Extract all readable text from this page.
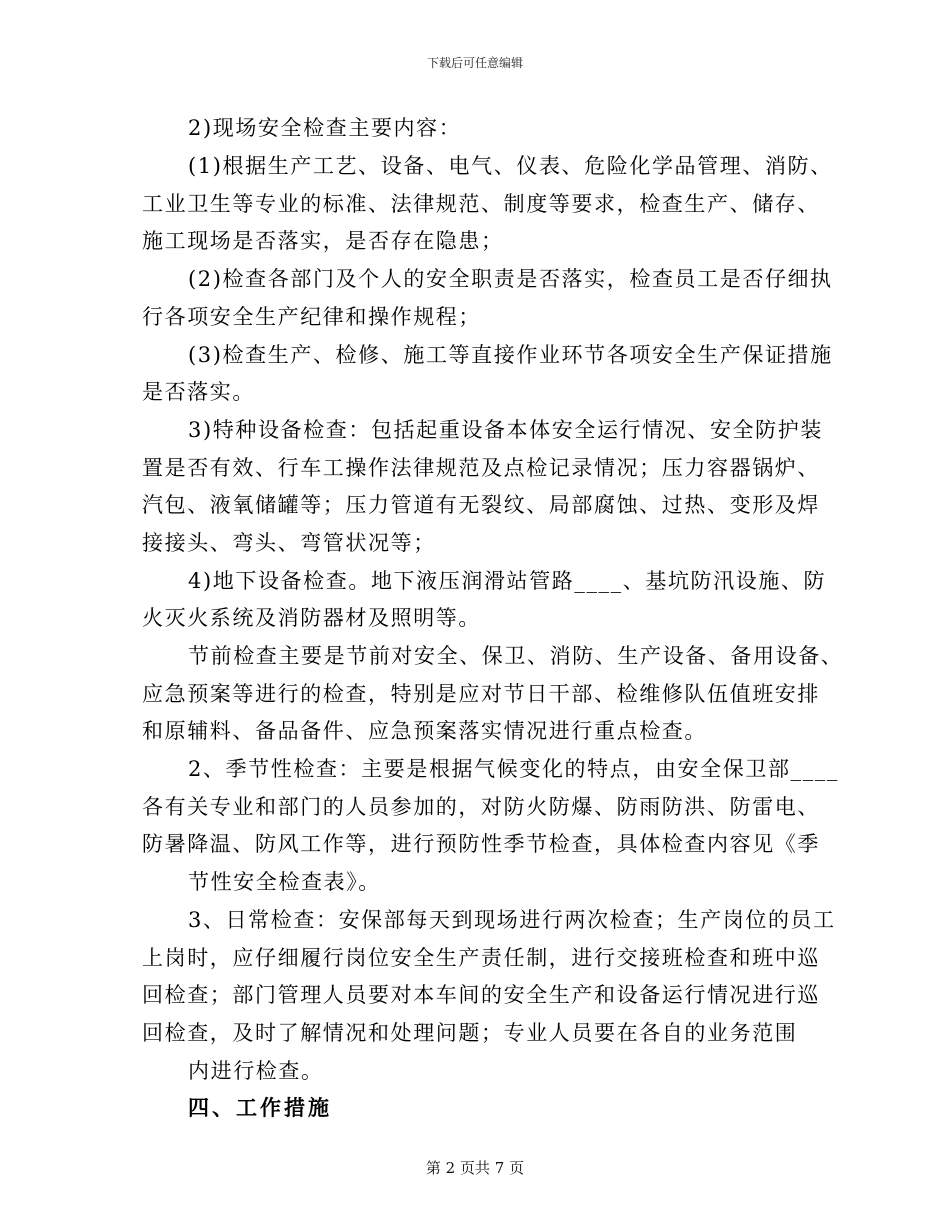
下载后可任意编辑
2)现场安全检查主要内容：
(1)根据生产工艺、设备、电气、仪表、危险化学品管理、消防、
工业卫生等专业的标准、法律规范、制度等要求，检查生产、储存、
施工现场是否落实，是否存在隐患；
(2)检查各部门及个人的安全职责是否落实，检查员工是否仔细执
行各项安全生产纪律和操作规程；
(3)检查生产、检修、施工等直接作业环节各项安全生产保证措施
是否落实。
3)特种设备检查：包括起重设备本体安全运行情况、安全防护装
置是否有效、行车工操作法律规范及点检记录情况；压力容器锅炉、
汽包、液氧储罐等；压力管道有无裂纹、局部腐蚀、过热、变形及焊
接接头、弯头、弯管状况等；
4)地下设备检查。地下液压润滑站管路____、基坑防汛设施、防
火灭火系统及消防器材及照明等。
节前检查主要是节前对安全、保卫、消防、生产设备、备用设备、
应急预案等进行的检查，特别是应对节日干部、检维修队伍值班安排
和原辅料、备品备件、应急预案落实情况进行重点检查。
2、季节性检查：主要是根据气候变化的特点，由安全保卫部____
各有关专业和部门的人员参加的，对防火防爆、防雨防洪、防雷电、
防暑降温、防风工作等，进行预防性季节检查，具体检查内容见《季
节性安全检查表》。
3、日常检查：安保部每天到现场进行两次检查；生产岗位的员工
上岗时，应仔细履行岗位安全生产责任制，进行交接班检查和班中巡
回检查；部门管理人员要对本车间的安全生产和设备运行情况进行巡
回检查，及时了解情况和处理问题；专业人员要在各自的业务范围
内进行检查。
四、工作措施
第 2 页共 7 页
